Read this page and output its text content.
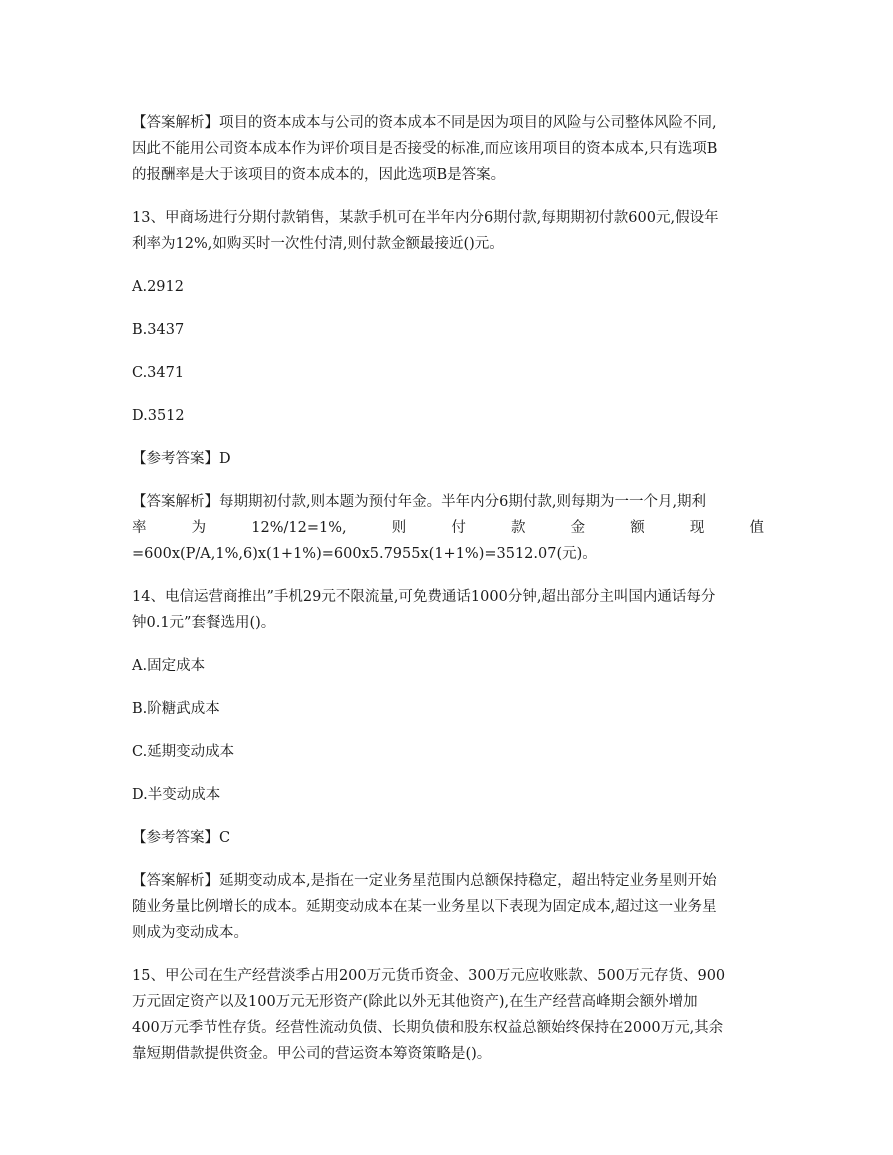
【答案解析】项目的资本成本与公司的资本成本不同是因为项目的风险与公司整体风险不同,
因此不能用公司资本成本作为评价项目是否接受的标准,而应该用项目的资本成本,只有选项B
的报酬率是大于该项目的资本成本的，因此选项B是答案。
13、甲商场进行分期付款销售，某款手机可在半年内分6期付款,每期期初付款600元,假设年
利率为12%,如购买时一次性付清,则付款金额最接近()元。
A.2912
B.3437
C.3471
D.3512
【参考答案】D
【答案解析】每期期初付款,则本题为预付年金。半年内分6期付款,则每期为一一个月,期利
率	为	12%/12=1%,	则	付	款	金	额	现	值
=600x(P/A,1%,6)x(1+1%)=600x5.7955x(1+1%)=3512.07(元)。
14、电信运营商推出”手机29元不限流量,可免费通话1000分钟,超出部分主叫国内通话每分
钟0.1元”套餐选用()。
A.固定成本
B.阶糖武成本
C.延期变动成本
D.半变动成本
【参考答案】C
【答案解析】延期变动成本,是指在一定业务星范围内总额保持稳定，超出特定业务星则开始
随业务量比例增长的成本。延期变动成本在某一业务星以下表现为固定成本,超过这一业务星
则成为变动成本。
15、甲公司在生产经营淡季占用200万元货币资金、300万元应收账款、500万元存货、900
万元固定资产以及100万元无形资产(除此以外无其他资产),在生产经营高峰期会额外增加
400万元季节性存货。经营性流动负债、长期负债和股东权益总额始终保持在2000万元,其余
靠短期借款提供资金。甲公司的营运资本筹资策略是()。
